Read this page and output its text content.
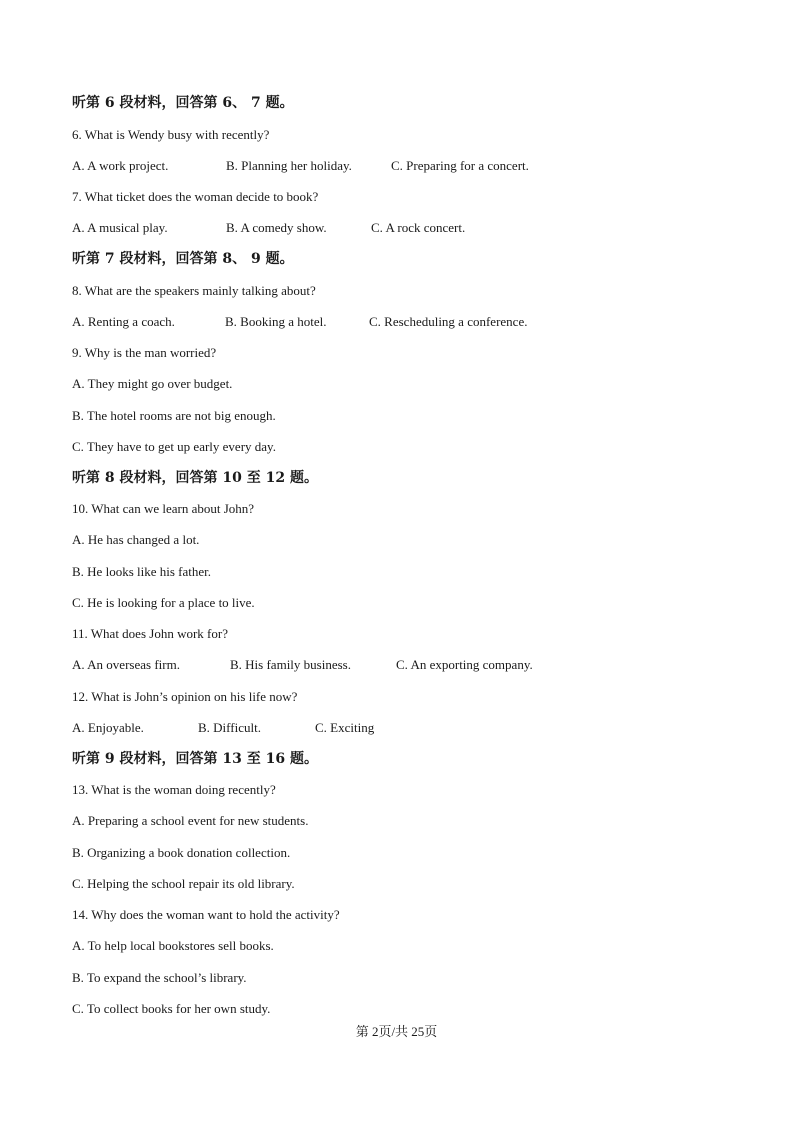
听第 6 段材料，回答第 6、 7 题。
6. What is Wendy busy with recently?
A. A work project.	B. Planning her holiday.	C. Preparing for a concert.
7. What ticket does the woman decide to book?
A. A musical play.	B. A comedy show.	C. A rock concert.
听第 7 段材料，回答第 8、 9 题。
8. What are the speakers mainly talking about?
A. Renting a coach.	B. Booking a hotel.	C. Rescheduling a conference.
9. Why is the man worried?
A. They might go over budget.
B. The hotel rooms are not big enough.
C. They have to get up early every day.
听第 8 段材料，回答第 10 至 12 题。
10. What can we learn about John?
A. He has changed a lot.
B. He looks like his father.
C. He is looking for a place to live.
11. What does John work for?
A. An overseas firm.	B. His family business.	C. An exporting company.
12. What is John’s opinion on his life now?
A. Enjoyable.	B. Difficult.	C. Exciting
听第 9 段材料，回答第 13 至 16 题。
13. What is the woman doing recently?
A. Preparing a school event for new students.
B. Organizing a book donation collection.
C. Helping the school repair its old library.
14. Why does the woman want to hold the activity?
A. To help local bookstores sell books.
B. To expand the school’s library.
C. To collect books for her own study.
第 2页/共 25页
